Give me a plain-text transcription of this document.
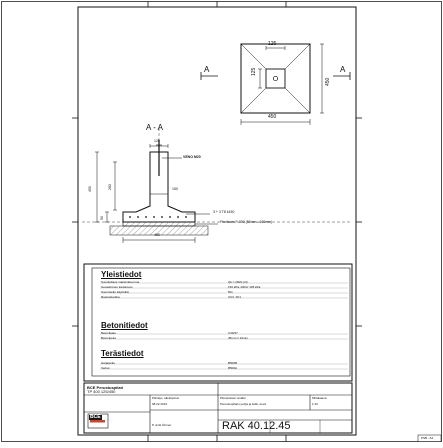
125
125
450
450
A	A
A - A
125
VENO M20
450	283
50
150
3 + 3 T8 k150
Finnfoam F-300 (50mm...100mm)
450
Yleistiedot
Suositeltava maksimikuorma	Qk = 20kN (2t)
Geotekninen kantavuus	150 kPa, RD/A' 195 kPa
Suunniteltu käyttöikä	50v
Rasitusluokka	XC3, XF1
Betonitiedot
Betonilaatu	C30/37
Betonipeite	35mm ± 10mm
Terästiedot
Harjateräs	B500B
Verkot	B500A
BCE Perustuspilari
TP 400 125/450
Päiväys, allekirjoitus
08.02.2019
P. Antti Öörner
Piirustuksen sisältö
Perustuspilarin pohja ja leikk. kuva
Mittakaava
1:10
BCE
RAK 40.12.45
PSB - A4
